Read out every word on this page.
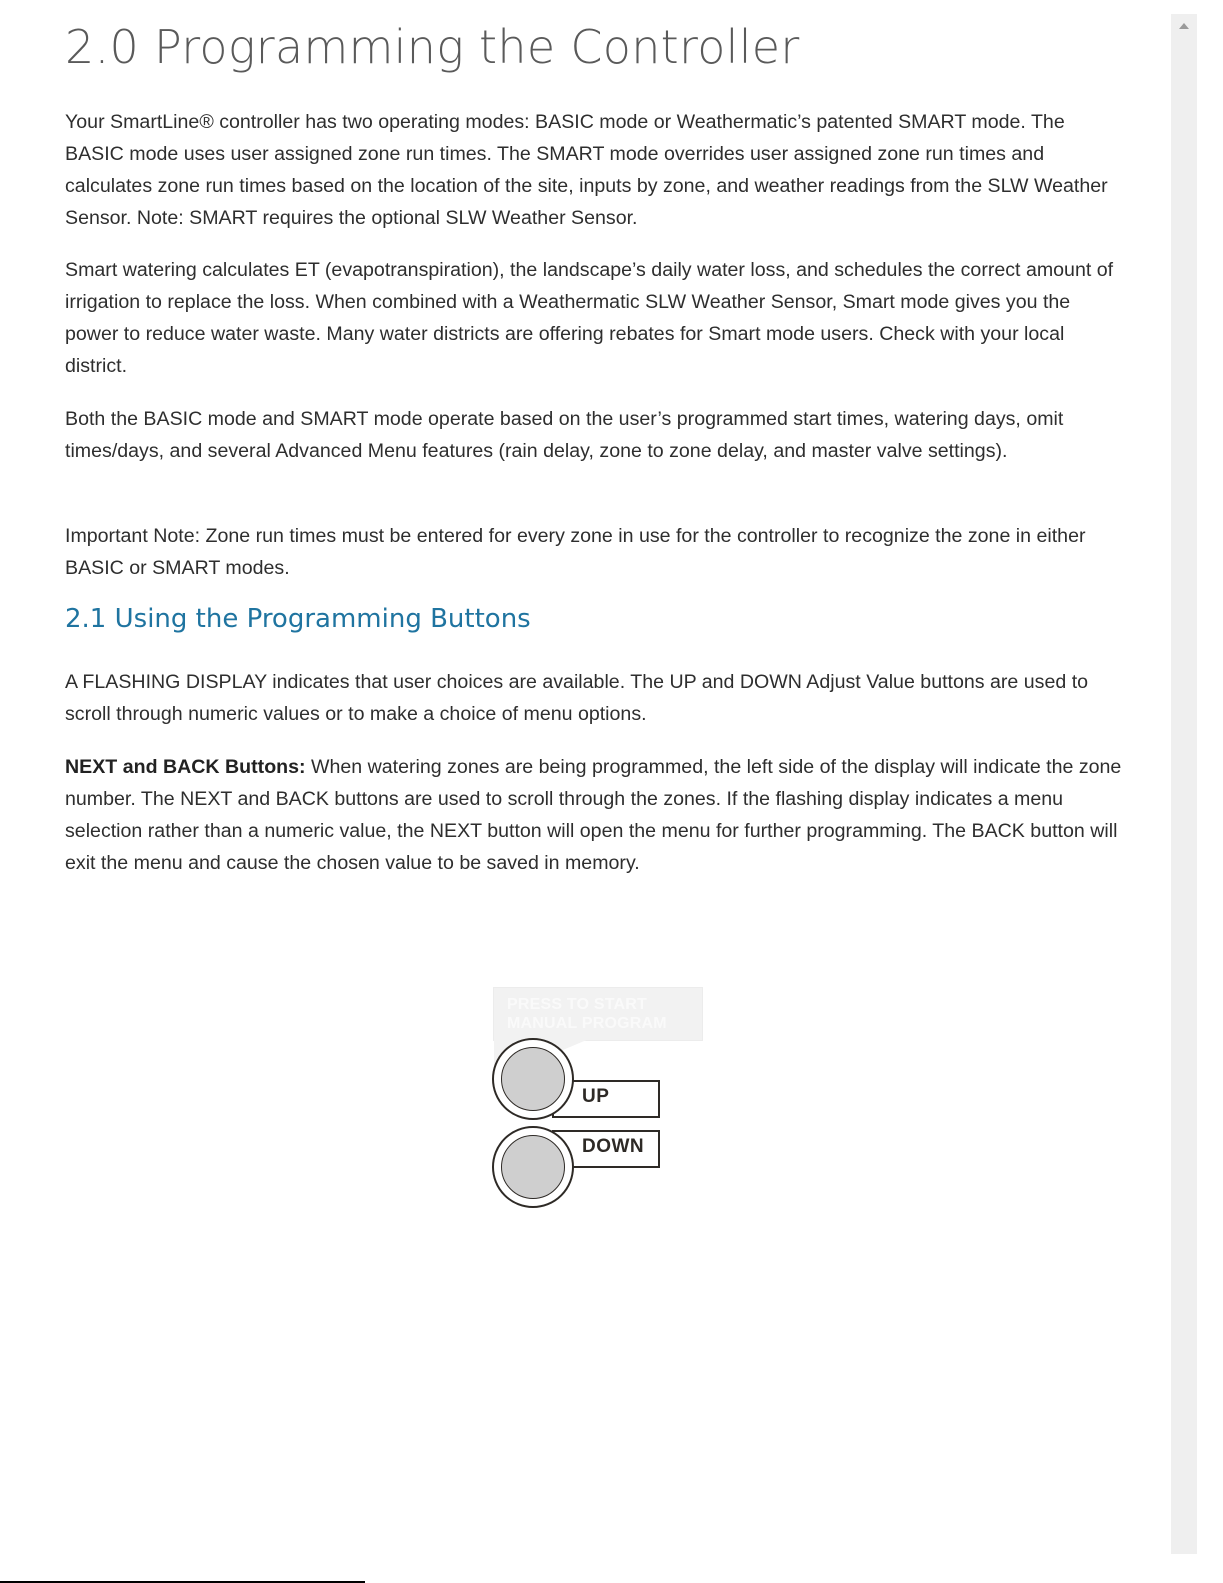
2.0 Programming the Controller

Your SmartLine® controller has two operating modes: BASIC mode or Weathermatic’s patented SMART mode. The BASIC mode uses user assigned zone run times. The SMART mode overrides user assigned zone run times and calculates zone run times based on the location of the site, inputs by zone, and weather readings from the SLW Weather Sensor. Note: SMART requires the optional SLW Weather Sensor.

Smart watering calculates ET (evapotranspiration), the landscape’s daily water loss, and schedules the correct amount of irrigation to replace the loss. When combined with a Weathermatic SLW Weather Sensor, Smart mode gives you the power to reduce water waste. Many water districts are offering rebates for Smart mode users. Check with your local district.

Both the BASIC mode and SMART mode operate based on the user’s programmed start times, watering days, omit times/days, and several Advanced Menu features (rain delay, zone to zone delay, and master valve settings).

Important Note: Zone run times must be entered for every zone in use for the controller to recognize the zone in either BASIC or SMART modes.

2.1 Using the Programming Buttons

A FLASHING DISPLAY indicates that user choices are available. The UP and DOWN Adjust Value buttons are used to scroll through numeric values or to make a choice of menu options.

NEXT and BACK Buttons: When watering zones are being programmed, the left side of the display will indicate the zone number. The NEXT and BACK buttons are used to scroll through the zones. If the flashing display indicates a menu selection rather than a numeric value, the NEXT button will open the menu for further programming. The BACK button will exit the menu and cause the chosen value to be saved in memory.

PRESS TO START
MANUAL PROGRAM
UP
DOWN
